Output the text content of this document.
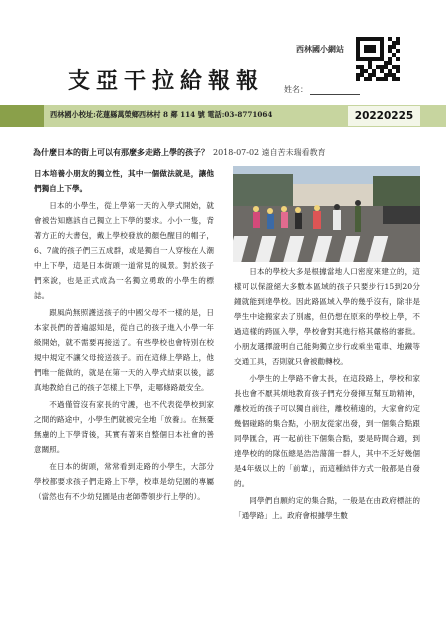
西林國小網站
支亞干拉給報報 姓名：
西林國小校址:花蓮縣萬榮鄉西林村 8 鄰 114 號 電話:03-8771064	20220225
為什麼日本的街上可以有那麼多走路上學的孩子？ 2018-07-02 遠自苦未瑞看教育

日本培養小朋友的獨立性，其中一個做法就是，讓他們獨自上下學。

日本的小學生，從上學第一天的入學式開始，就會被告知應該自己獨立上下學的要求。小小一隻，背著方正的大書包，戴上學校發放的顏色醒目的帽子，6、7歲的孩子們三五成群，或是獨自一人穿梭在人潮中上下學，這是日本街頭一道常見的風景。對於孩子們來說，也是正式成為一名獨立勇敢的小學生的標誌。

跟風尚無照護送孩子的中國父母不一樣的是，日本家長們的普遍認知是，從自己的孩子進入小學一年級開始，就不需要再接送了。有些學校也會特別在校規中規定不讓父母接送孩子。而在這條上學路上，他們唯一能做的，就是在第一天的入學式結束以後，認真地教給自己的孩子怎樣上下學，走哪條路最安全。

不過僅管沒有家長的守護，也不代表從學校到家之間的路途中，小學生們就被完全地「放養」。在無憂無慮的上下學背後，其實有著來自整個日本社會的善意關照。

在日本的街頭，常常看到走路的小學生，大部分學校都要求孩子們走路上下學，校車是幼兒園的專屬（當然也有不少幼兒園是由老師帶領步行上學的）。

日本的學校大多是根據當地人口密度來建立的，這樣可以保證絕大多數本區域的孩子只要步行15到20分鐘就能到達學校。因此路區域入學的幾乎沒有，除非是學生中途搬家去了別處，但仍想在原來的學校上學，不過這樣的跨區入學，學校會對其進行格其嚴格的審批。小朋友選擇證明自己能夠獨立步行或乘坐電車、地鐵等交通工具，否則就只會被勸轉校。

小學生的上學路不會太長，在這段路上，學校和家長也會不厭其煩地教育孩子們充分發揮互幫互助精神，離校近的孩子可以獨自前往，離校稍遠的，大家會約定幾個碰路的集合點，小朋友從家出發，到一個集合點跟同學匯合，再一起前往下個集合點，要是時間合適，到達學校的的隊伍總是浩浩蕩蕩一群人，其中不乏好幾個是4年級以上的「前輩」，而這種結伴方式一般都是自發的。

同學們自願約定的集合點，一般是在由政府標註的「通學路」上。政府會根據學生數
